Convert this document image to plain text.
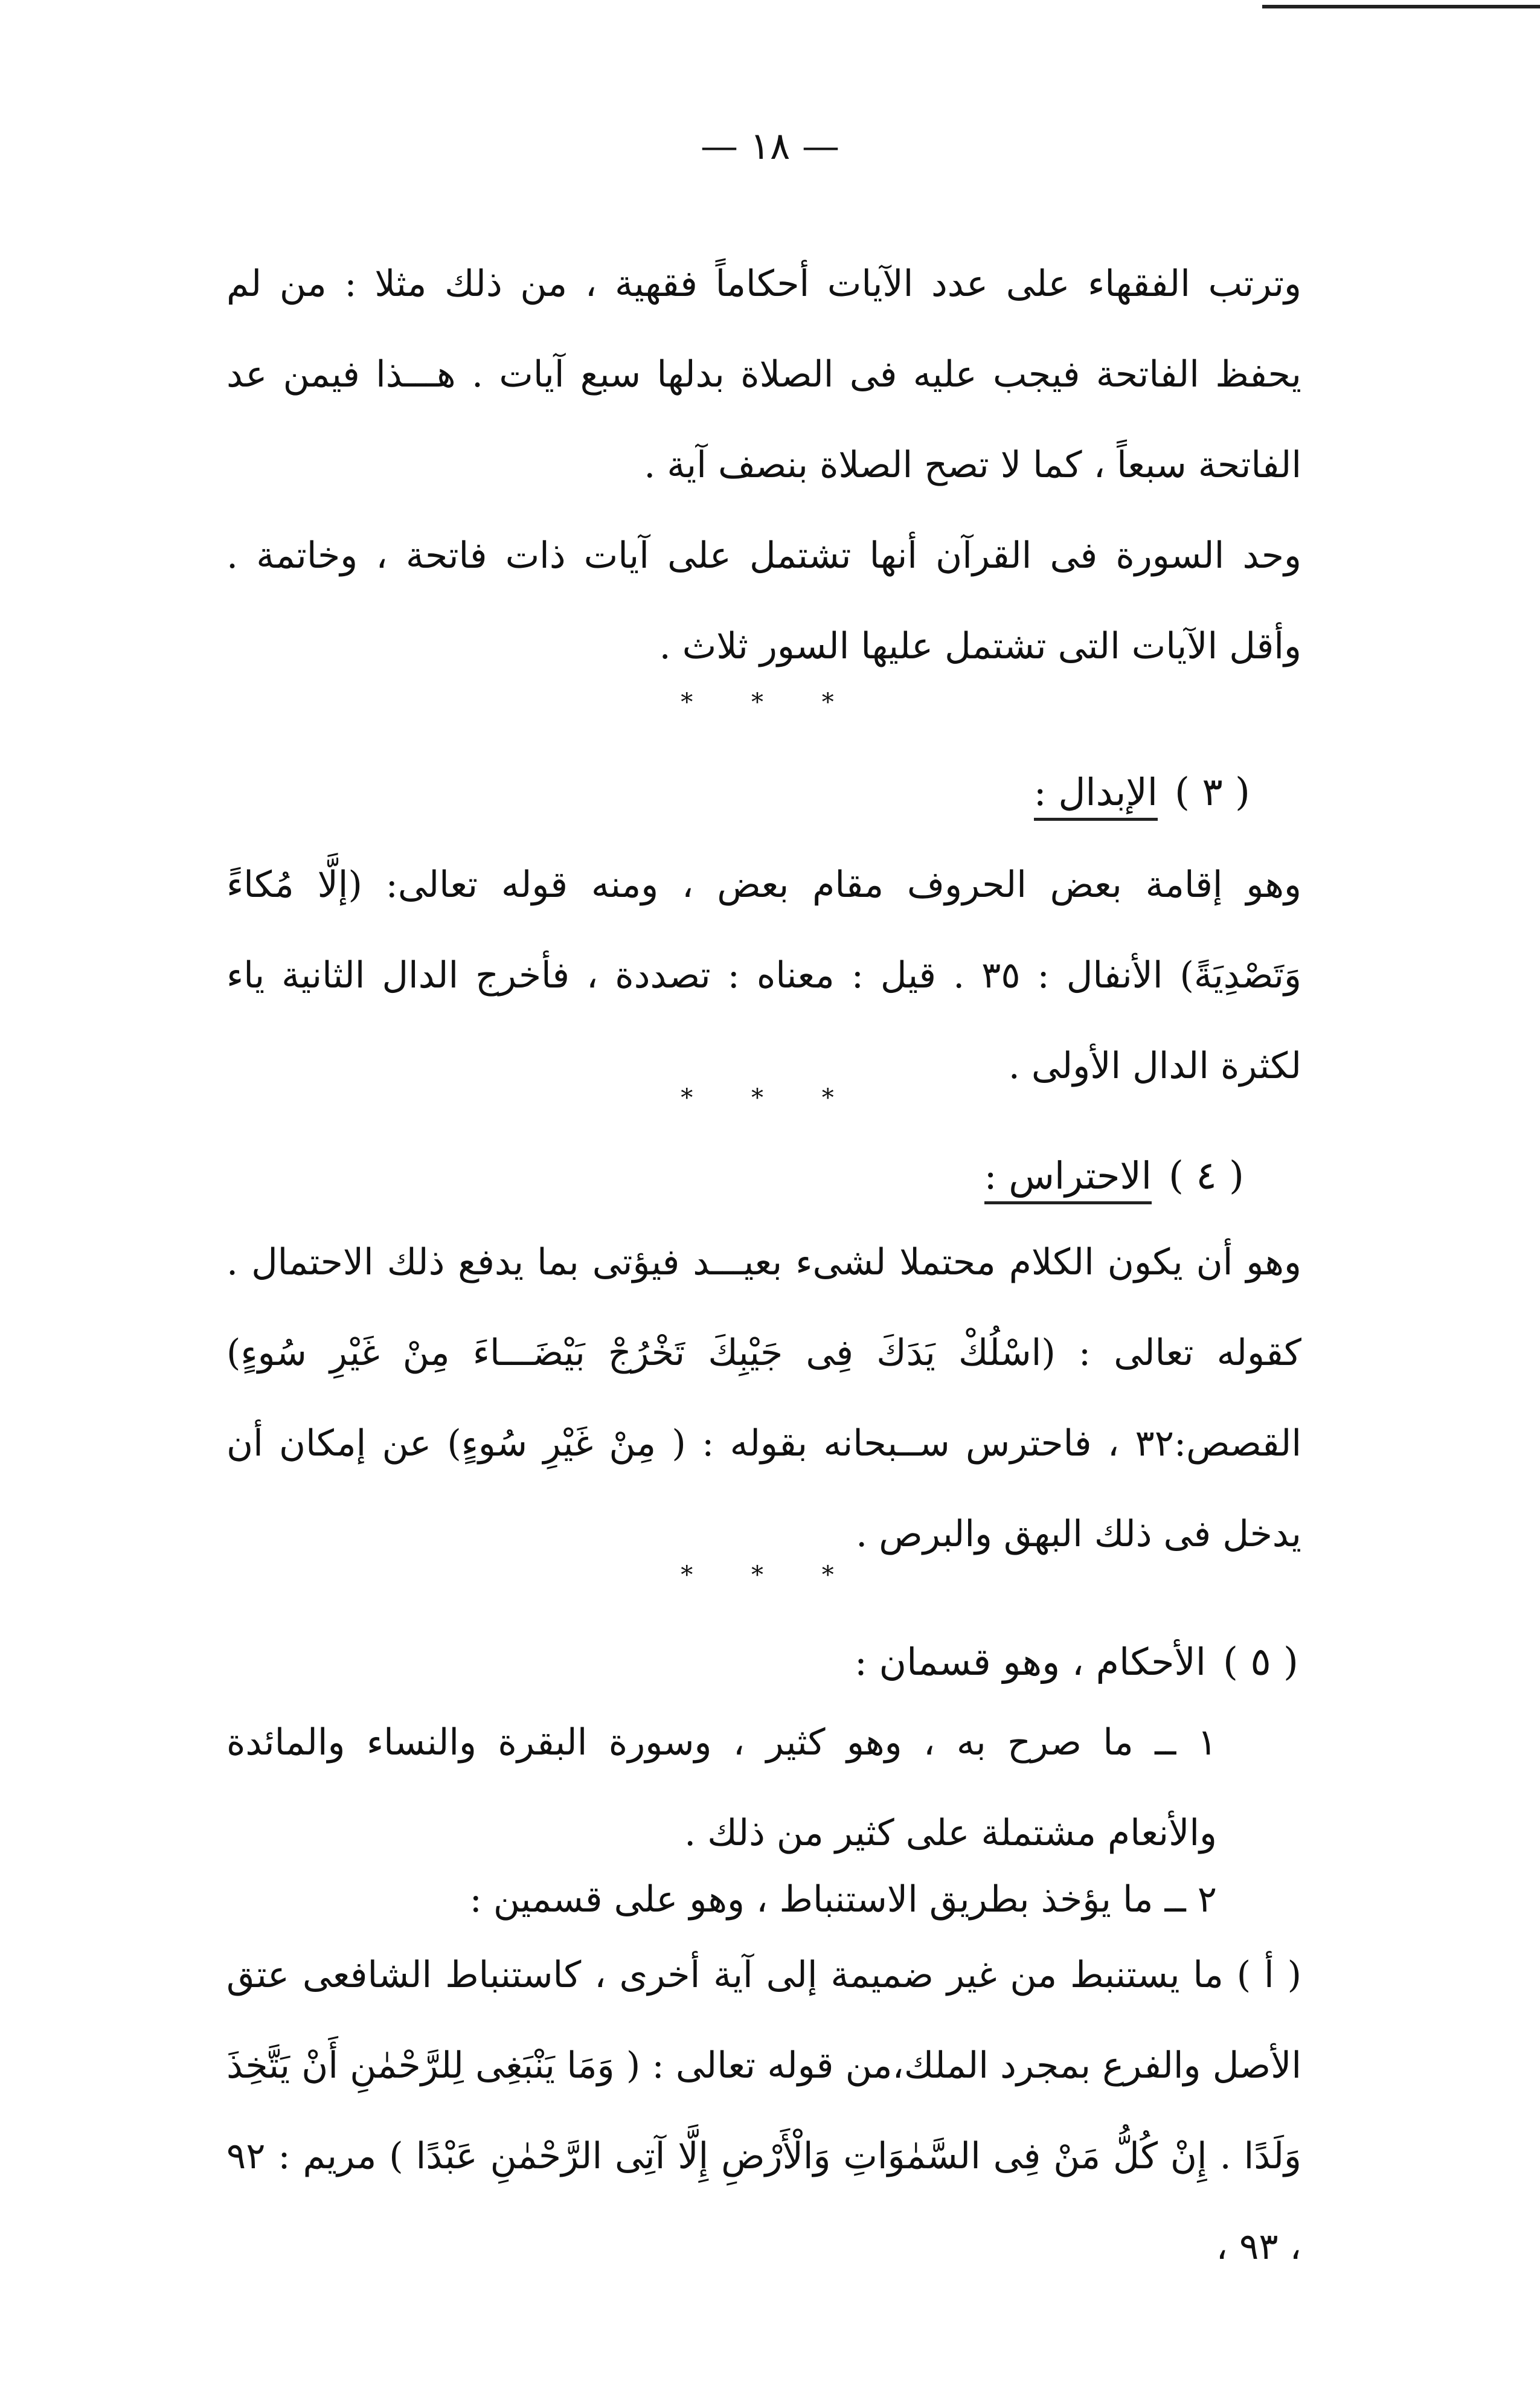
— ١٨ —

وترتب الفقهاء على عدد الآيات أحكاماً فقهية ، من ذلك مثلا : من لم يحفظ الفاتحة فيجب عليه فى الصلاة بدلها سبع آيات . هـــذا فيمن عد الفاتحة سبعاً ، كما لا تصح الصلاة بنصف آية .

وحد السورة فى القرآن أنها تشتمل على آيات ذات فاتحة ، وخاتمة . وأقل الآيات التى تشتمل عليها السور ثلاث .

* * *
( ٣ )الإبدال :

وهو إقامة بعض الحروف مقام بعض ، ومنه قوله تعالى: (إلَّا مُكاءً وَتَصْدِيَةً) الأنفال : ٣٥ . قيل : معناه : تصددة ، فأخرج الدال الثانية ياء لكثرة الدال الأولى .

* * *
( ٤ )الاحتراس :

وهو أن يكون الكلام محتملا لشىء بعيـــد فيؤتى بما يدفع ذلك الاحتمال . كقوله تعالى : (اسْلُكْ يَدَكَ فِى جَيْبِكَ تَخْرُجْ بَيْضَـــاءَ مِنْ غَيْرِ سُوءٍ) القصص:٣٢ ، فاحترس ســبحانه بقوله : ( مِنْ غَيْرِ سُوءٍ) عن إمكان أن يدخل فى ذلك البهق والبرص .

* * *
( ٥ )الأحكام ، وهو قسمان :

١ ــ ما صرح به ، وهو كثير ، وسورة البقرة والنساء والمائدة والأنعام مشتملة على كثير من ذلك .

٢ ــ ما يؤخذ بطريق الاستنباط ، وهو على قسمين :

( أ ) ما يستنبط من غير ضميمة إلى آية أخرى ، كاستنباط الشافعى عتق الأصل والفرع بمجرد الملك،من قوله تعالى : ( وَمَا يَنْبَغِى لِلرَّحْمٰنِ أَنْ يَتَّخِذَ وَلَدًا . إِنْ كُلُّ مَنْ فِى السَّمٰوَاتِ وَالْأَرْضِ إِلَّا آتِى الرَّحْمٰنِ عَبْدًا ) مريم : ٩٢ ، ٩٣ ،
